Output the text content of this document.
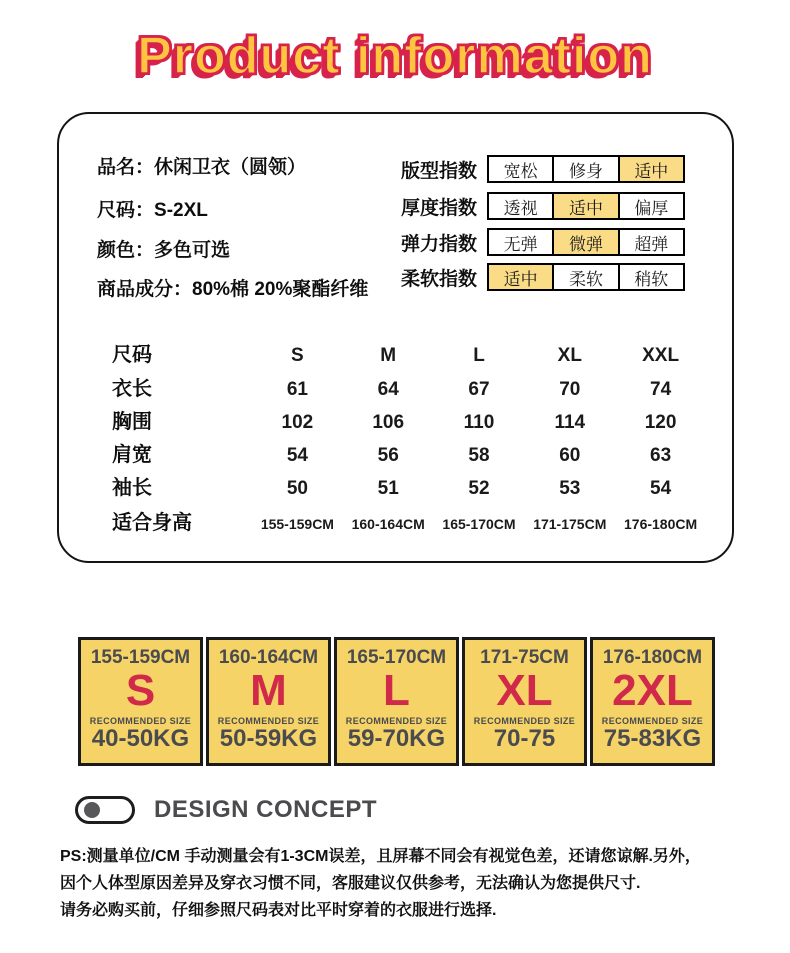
Product information
品名：休闲卫衣（圆领）
尺码：S-2XL
颜色：多色可选
商品成分：80%棉 20%聚酯纤维
版型指数	宽松	修身	适中
厚度指数	透视	适中	偏厚
弹力指数	无弹	微弹	超弹
柔软指数	适中	柔软	稍软
尺码	S	M	L	XL	XXL
衣长	61	64	67	70	74
胸围	102	106	110	114	120
肩宽	54	56	58	60	63
袖长	50	51	52	53	54
适合身高	155-159CM	160-164CM	165-170CM	171-175CM	176-180CM
155-159CM
S
RECOMMENDED SIZE
40-50KG
160-164CM
M
RECOMMENDED SIZE
50-59KG
165-170CM
L
RECOMMENDED SIZE
59-70KG
171-75CM
XL
RECOMMENDED SIZE
70-75
176-180CM
2XL
RECOMMENDED SIZE
75-83KG
DESIGN CONCEPT
PS:测量单位/CM 手动测量会有1-3CM误差，且屏幕不同会有视觉色差，还请您谅解.另外，
因个人体型原因差异及穿衣习惯不同，客服建议仅供参考，无法确认为您提供尺寸.
请务必购买前，仔细参照尺码表对比平时穿着的衣服进行选择.
